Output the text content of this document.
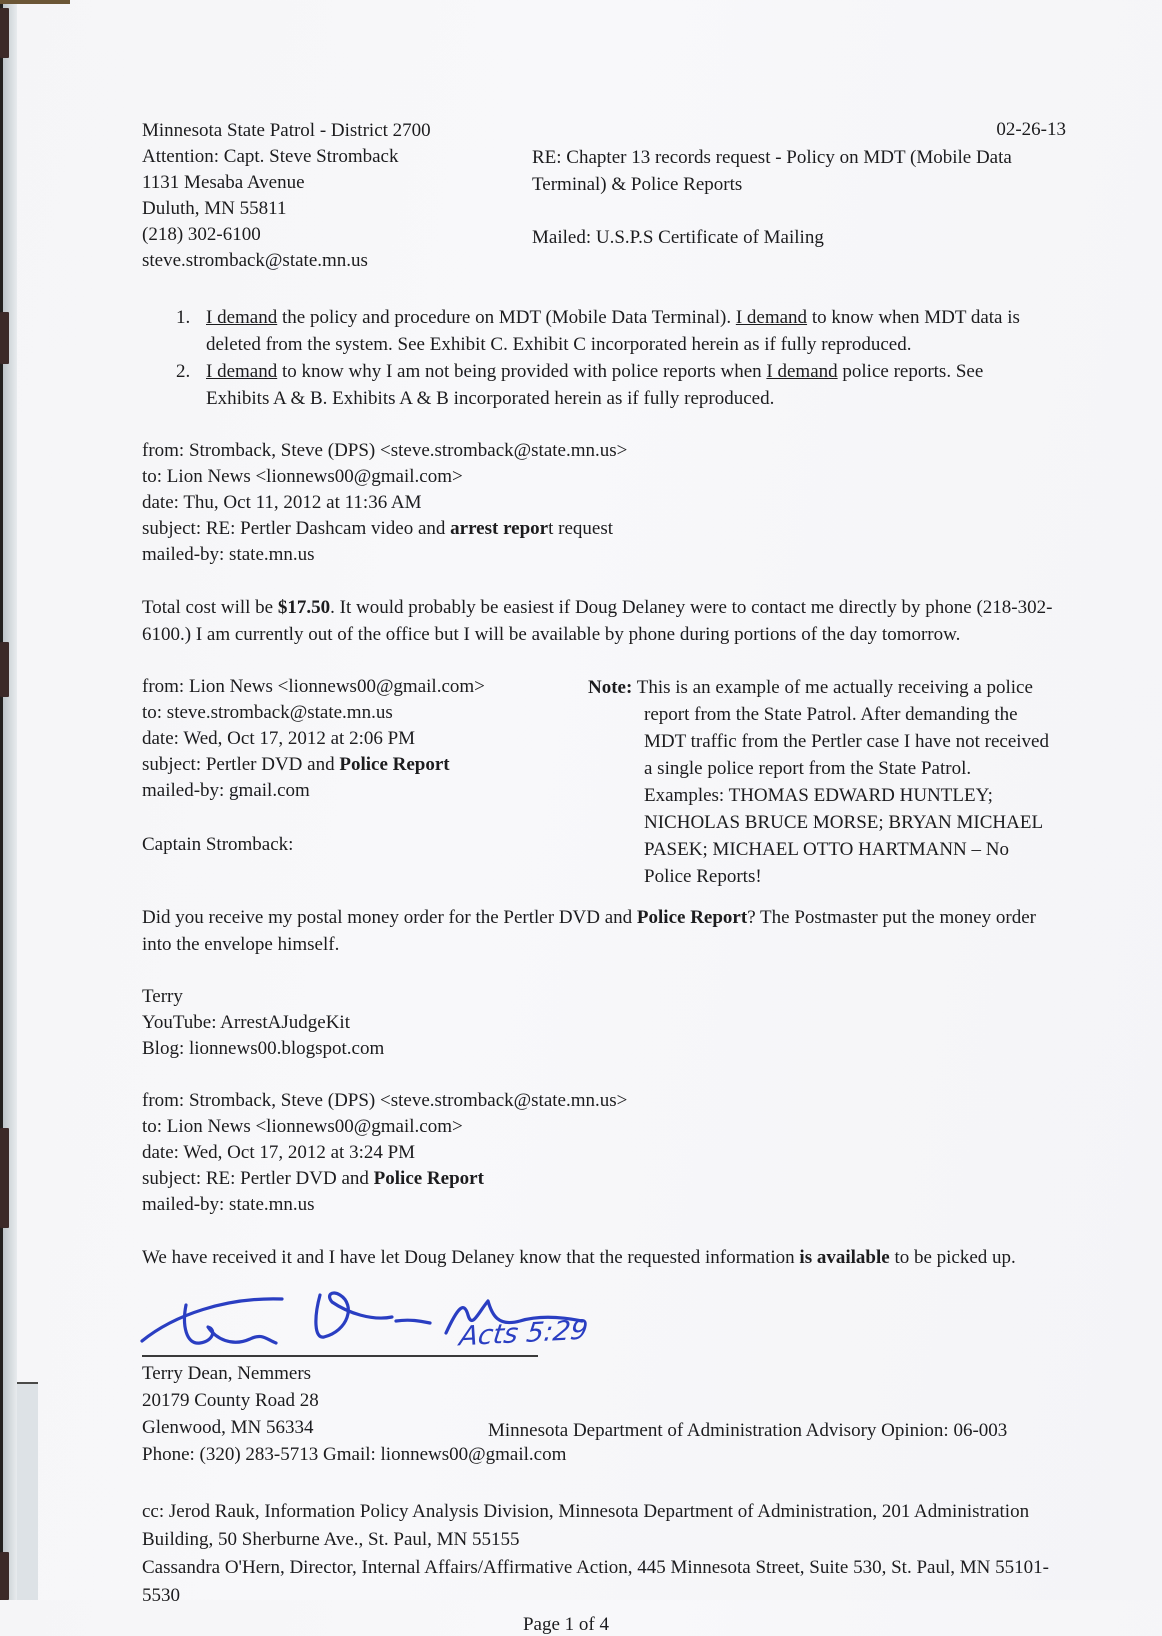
Minnesota State Patrol - District 2700
Attention: Capt. Steve Stromback
1131 Mesaba Avenue
Duluth, MN 55811
(218) 302-6100
steve.stromback@state.mn.us
02-26-13
RE: Chapter 13 records request - Policy on MDT (Mobile Data Terminal) & Police Reports
Mailed: U.S.P.S Certificate of Mailing
1. I demand the policy and procedure on MDT (Mobile Data Terminal). I demand to know when MDT data is deleted from the system. See Exhibit C. Exhibit C incorporated herein as if fully reproduced.
2. I demand to know why I am not being provided with police reports when I demand police reports. See Exhibits A & B. Exhibits A & B incorporated herein as if fully reproduced.
from: Stromback, Steve (DPS) <steve.stromback@state.mn.us>
to: Lion News <lionnews00@gmail.com>
date: Thu, Oct 11, 2012 at 11:36 AM
subject: RE: Pertler Dashcam video and arrest report request
mailed-by: state.mn.us
Total cost will be $17.50. It would probably be easiest if Doug Delaney were to contact me directly by phone (218-302-6100.) I am currently out of the office but I will be available by phone during portions of the day tomorrow.
from: Lion News <lionnews00@gmail.com>
to: steve.stromback@state.mn.us
date: Wed, Oct 17, 2012 at 2:06 PM
subject: Pertler DVD and Police Report
mailed-by: gmail.com
Captain Stromback:
Note: This is an example of me actually receiving a police report from the State Patrol. After demanding the MDT traffic from the Pertler case I have not received a single police report from the State Patrol. Examples: THOMAS EDWARD HUNTLEY; NICHOLAS BRUCE MORSE; BRYAN MICHAEL PASEK; MICHAEL OTTO HARTMANN – No Police Reports!
Did you receive my postal money order for the Pertler DVD and Police Report? The Postmaster put the money order into the envelope himself.
Terry
YouTube: ArrestAJudgeKit
Blog: lionnews00.blogspot.com
from: Stromback, Steve (DPS) <steve.stromback@state.mn.us>
to: Lion News <lionnews00@gmail.com>
date: Wed, Oct 17, 2012 at 3:24 PM
subject: RE: Pertler DVD and Police Report
mailed-by: state.mn.us
We have received it and I have let Doug Delaney know that the requested information is available to be picked up.
Acts 5:29
Terry Dean, Nemmers
20179 County Road 28
Glenwood, MN 56334
Phone: (320) 283-5713 Gmail: lionnews00@gmail.com
Minnesota Department of Administration Advisory Opinion: 06-003
cc: Jerod Rauk, Information Policy Analysis Division, Minnesota Department of Administration, 201 Administration Building, 50 Sherburne Ave., St. Paul, MN 55155
Cassandra O'Hern, Director, Internal Affairs/Affirmative Action, 445 Minnesota Street, Suite 530, St. Paul, MN 55101-5530
Page 1 of 4
